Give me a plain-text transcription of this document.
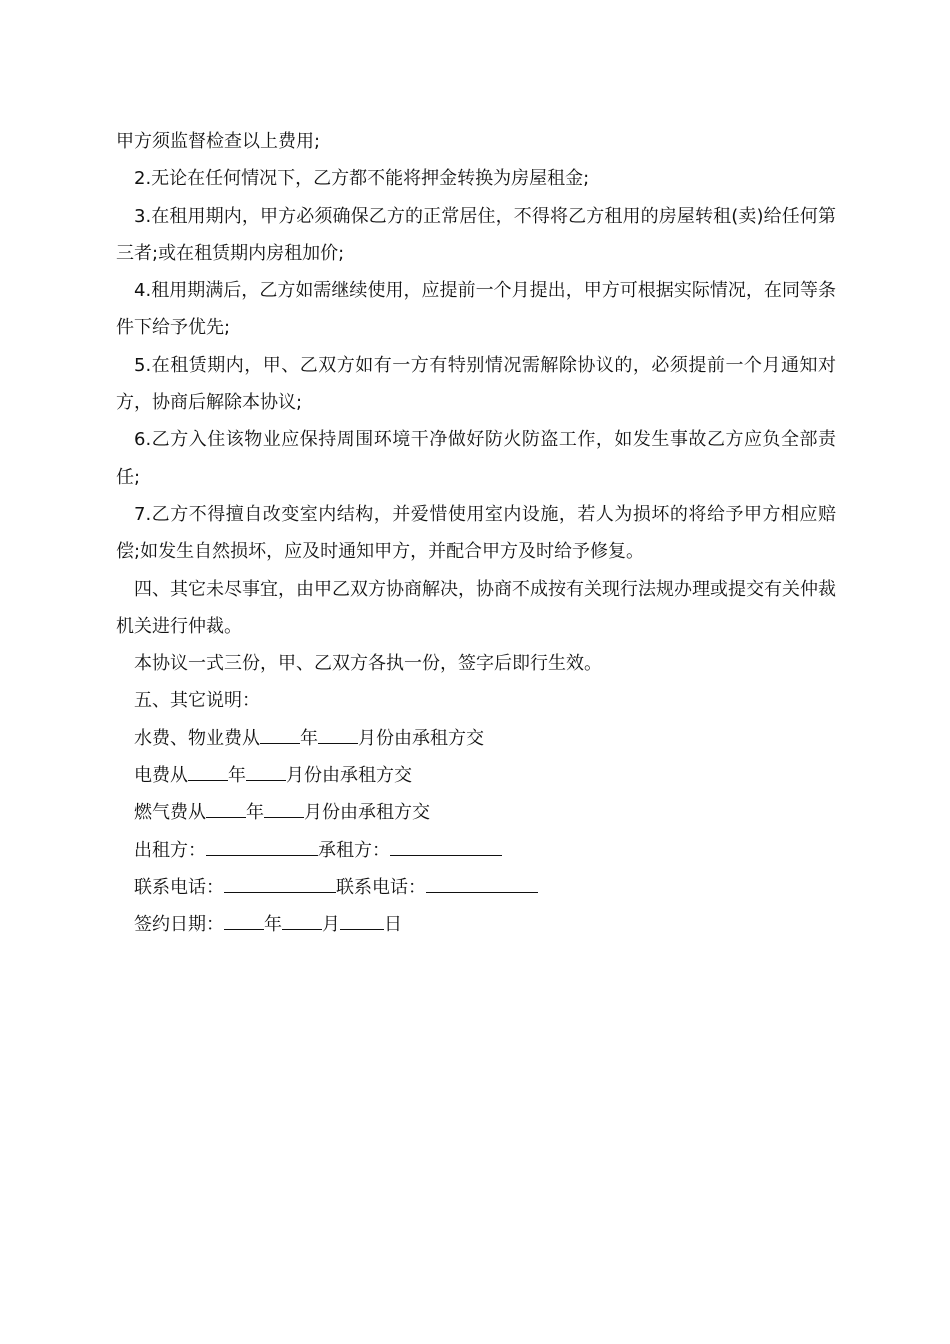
甲方须监督检查以上费用;

2.无论在任何情况下，乙方都不能将押金转换为房屋租金;

3.在租用期内，甲方必须确保乙方的正常居住，不得将乙方租用的房屋转租(卖)给任何第三者;或在租赁期内房租加价;

4.租用期满后，乙方如需继续使用，应提前一个月提出，甲方可根据实际情况，在同等条件下给予优先;

5.在租赁期内，甲、乙双方如有一方有特别情况需解除协议的，必须提前一个月通知对方，协商后解除本协议;

6.乙方入住该物业应保持周围环境干净做好防火防盗工作，如发生事故乙方应负全部责任;

7.乙方不得擅自改变室内结构，并爱惜使用室内设施，若人为损坏的将给予甲方相应赔偿;如发生自然损坏，应及时通知甲方，并配合甲方及时给予修复。

四、其它未尽事宜，由甲乙双方协商解决，协商不成按有关现行法规办理或提交有关仲裁机关进行仲裁。

本协议一式三份，甲、乙双方各执一份，签字后即行生效。

五、其它说明：

水费、物业费从 年 月份由承租方交
电费从 年 月份由承租方交
燃气费从 年 月份由承租方交
出租方：	承租方：
联系电话：	联系电话：
签约日期： 年 月 日
